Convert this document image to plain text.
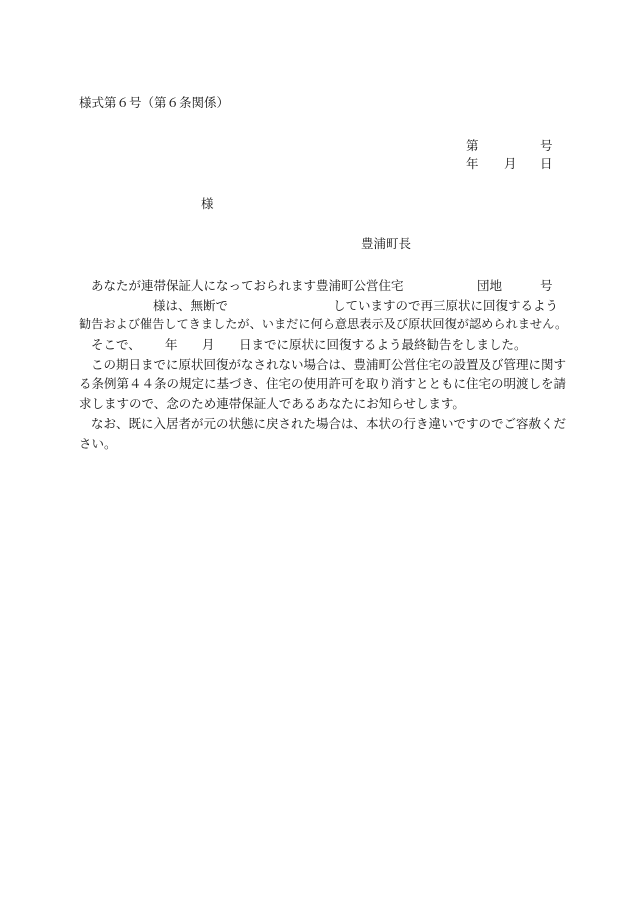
様式第６号（第６条関係）
第	号
年 月 日
様
豊浦町長
あなたが連帯保証人になっておられます豊浦町公営住宅	団地	号
様は、無断で	していますので再三原状に回復するよう
勧告および催告してきましたが、いまだに何ら意思表示及び原状回復が認められません。
そこで、 年 月 日までに原状に回復するよう最終勧告をしました。
この期日までに原状回復がなされない場合は、豊浦町公営住宅の設置及び管理に関す
る条例第４４条の規定に基づき、住宅の使用許可を取り消すとともに住宅の明渡しを請
求しますので、念のため連帯保証人であるあなたにお知らせします。
なお、既に入居者が元の状態に戻された場合は、本状の行き違いですのでご容赦くだ
さい。
